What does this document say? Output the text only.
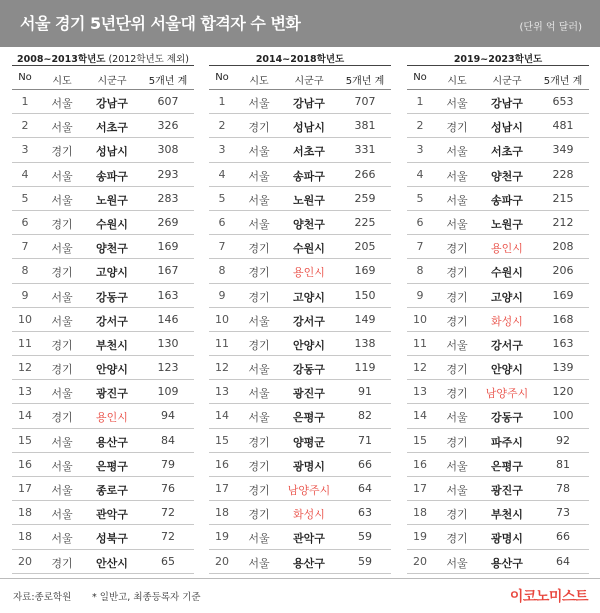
서울 경기 5년단위 서울대 합격자 수 변화	(단위 억 달러)
2008~2013학년도 (2012학년도 제외)
No	시도	시군구	5개년 계
1	서울	강남구	607
2	서울	서초구	326
3	경기	성남시	308
4	서울	송파구	293
5	서울	노원구	283
6	경기	수원시	269
7	서울	양천구	169
8	경기	고양시	167
9	서울	강동구	163
10	서울	강서구	146
11	경기	부천시	130
12	경기	안양시	123
13	서울	광진구	109
14	경기	용인시	94
15	서울	용산구	84
16	서울	은평구	79
17	서울	종로구	76
18	서울	관악구	72
18	서울	성북구	72
20	경기	안산시	65
2014~2018학년도
No	시도	시군구	5개년 계
1	서울	강남구	707
2	경기	성남시	381
3	서울	서초구	331
4	서울	송파구	266
5	서울	노원구	259
6	서울	양천구	225
7	경기	수원시	205
8	경기	용인시	169
9	경기	고양시	150
10	서울	강서구	149
11	경기	안양시	138
12	서울	강동구	119
13	서울	광진구	91
14	서울	은평구	82
15	경기	양평군	71
16	경기	광명시	66
17	경기	남양주시	64
18	경기	화성시	63
19	서울	관악구	59
20	서울	용산구	59
2019~2023학년도
No	시도	시군구	5개년 계
1	서울	강남구	653
2	경기	성남시	481
3	서울	서초구	349
4	서울	양천구	228
5	서울	송파구	215
6	서울	노원구	212
7	경기	용인시	208
8	경기	수원시	206
9	경기	고양시	169
10	경기	화성시	168
11	서울	강서구	163
12	경기	안양시	139
13	경기	남양주시	120
14	서울	강동구	100
15	경기	파주시	92
16	서울	은평구	81
17	서울	광진구	78
18	경기	부천시	73
19	경기	광명시	66
20	서울	용산구	64
자료:종로학원 * 일반고, 최종등록자 기준	이코노미스트
